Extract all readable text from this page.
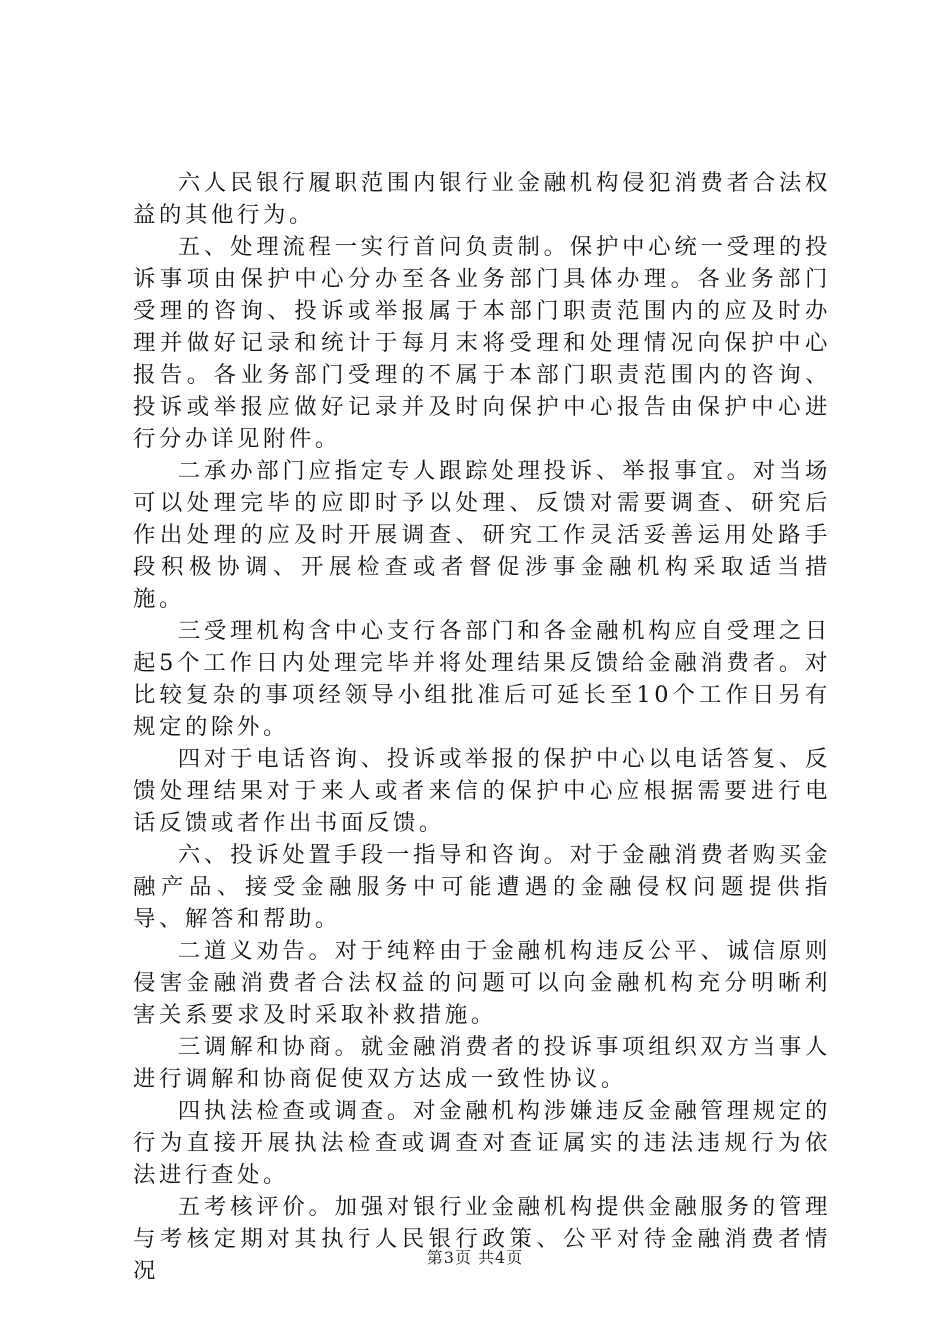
六人民银行履职范围内银行业金融机构侵犯消费者合法权益的其他行为。

五、处理流程一实行首问负责制。保护中心统一受理的投诉事项由保护中心分办至各业务部门具体办理。各业务部门受理的咨询、投诉或举报属于本部门职责范围内的应及时办理并做好记录和统计于每月末将受理和处理情况向保护中心报告。各业务部门受理的不属于本部门职责范围内的咨询、投诉或举报应做好记录并及时向保护中心报告由保护中心进行分办详见附件。

二承办部门应指定专人跟踪处理投诉、举报事宜。对当场可以处理完毕的应即时予以处理、反馈对需要调查、研究后作出处理的应及时开展调查、研究工作灵活妥善运用处路手段积极协调、开展检查或者督促涉事金融机构采取适当措施。

三受理机构含中心支行各部门和各金融机构应自受理之日起5个工作日内处理完毕并将处理结果反馈给金融消费者。对比较复杂的事项经领导小组批准后可延长至10个工作日另有规定的除外。

四对于电话咨询、投诉或举报的保护中心以电话答复、反馈处理结果对于来人或者来信的保护中心应根据需要进行电话反馈或者作出书面反馈。

六、投诉处置手段一指导和咨询。对于金融消费者购买金融产品、接受金融服务中可能遭遇的金融侵权问题提供指导、解答和帮助。

二道义劝告。对于纯粹由于金融机构违反公平、诚信原则侵害金融消费者合法权益的问题可以向金融机构充分明晰利害关系要求及时采取补救措施。

三调解和协商。就金融消费者的投诉事项组织双方当事人进行调解和协商促使双方达成一致性协议。

四执法检查或调查。对金融机构涉嫌违反金融管理规定的行为直接开展执法检查或调查对查证属实的违法违规行为依法进行查处。

五考核评价。加强对银行业金融机构提供金融服务的管理与考核定期对其执行人民银行政策、公平对待金融消费者情况

第3页 共4页
